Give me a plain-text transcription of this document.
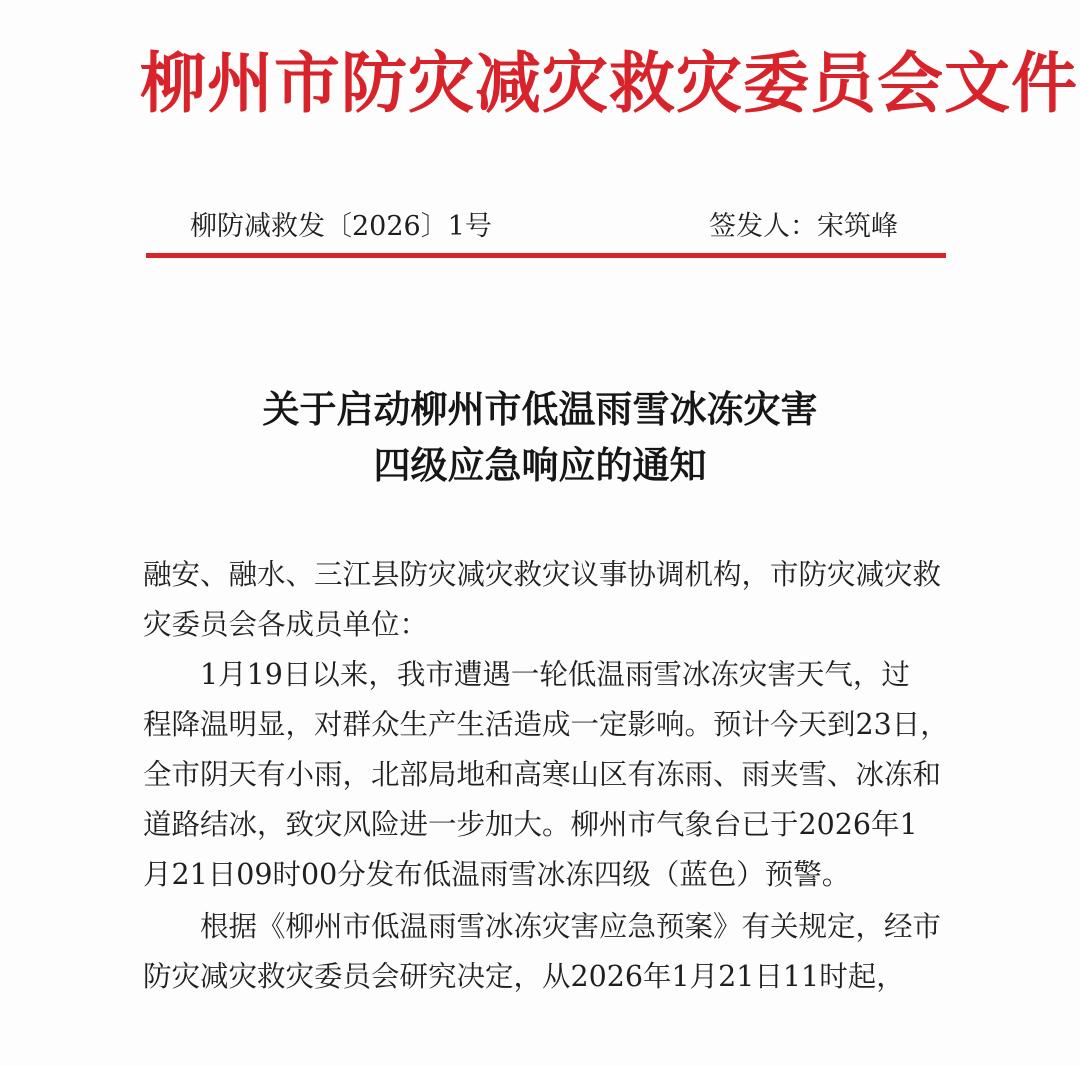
柳州市防灾减灾救灾委员会文件
柳防减救发〔2026〕1号	签发人：宋筑峰
关于启动柳州市低温雨雪冰冻灾害
四级应急响应的通知
融安、融水、三江县防灾减灾救灾议事协调机构，市防灾减灾救
灾委员会各成员单位：
1月19日以来，我市遭遇一轮低温雨雪冰冻灾害天气，过
程降温明显，对群众生产生活造成一定影响。预计今天到23日，
全市阴天有小雨，北部局地和高寒山区有冻雨、雨夹雪、冰冻和
道路结冰，致灾风险进一步加大。柳州市气象台已于2026年1
月21日09时00分发布低温雨雪冰冻四级（蓝色）预警。
根据《柳州市低温雨雪冰冻灾害应急预案》有关规定，经市
防灾减灾救灾委员会研究决定，从2026年1月21日11时起，
